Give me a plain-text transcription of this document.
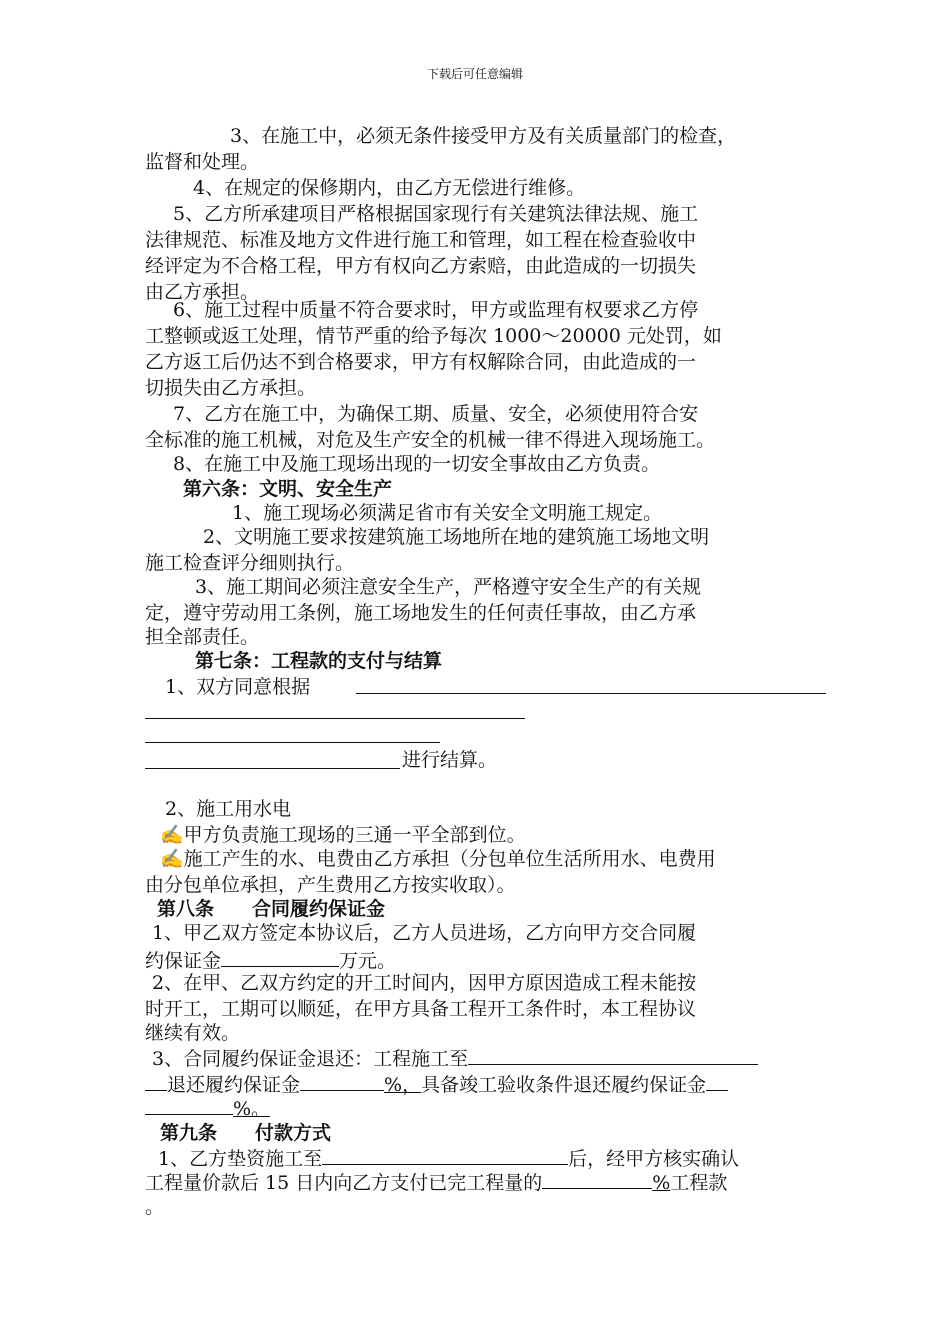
下载后可任意编辑
3、在施工中，必须无条件接受甲方及有关质量部门的检查，
监督和处理。
4、在规定的保修期内，由乙方无偿进行维修。
5、乙方所承建项目严格根据国家现行有关建筑法律法规、施工
法律规范、标准及地方文件进行施工和管理，如工程在检查验收中
经评定为不合格工程，甲方有权向乙方索赔，由此造成的一切损失
由乙方承担。
6、施工过程中质量不符合要求时，甲方或监理有权要求乙方停
工整顿或返工处理，情节严重的给予每次 1000～20000 元处罚，如
乙方返工后仍达不到合格要求，甲方有权解除合同，由此造成的一
切损失由乙方承担。
7、乙方在施工中，为确保工期、质量、安全，必须使用符合安
全标准的施工机械，对危及生产安全的机械一律不得进入现场施工。
8、在施工中及施工现场出现的一切安全事故由乙方负责。
第六条：文明、安全生产
1、施工现场必须满足省市有关安全文明施工规定。
2、文明施工要求按建筑施工场地所在地的建筑施工场地文明
施工检查评分细则执行。
3、施工期间必须注意安全生产，严格遵守安全生产的有关规
定，遵守劳动用工条例，施工场地发生的任何责任事故，由乙方承
担全部责任。
第七条：工程款的支付与结算
1、双方同意根据
进行结算。
2、施工用水电
✍甲方负责施工现场的三通一平全部到位。
✍施工产生的水、电费由乙方承担（分包单位生活所用水、电费用
由分包单位承担，产生费用乙方按实收取）。
第八条　　合同履约保证金
1、甲乙双方签定本协议后，乙方人员进场，乙方向甲方交合同履
约保证金	万元。
2、在甲、乙双方约定的开工时间内，因甲方原因造成工程未能按
时开工，工期可以顺延，在甲方具备工程开工条件时，本工程协议
继续有效。
3、合同履约保证金退还：工程施工至
退还履约保证金	%，具备竣工验收条件退还履约保证金
%。
第九条　　付款方式
1、乙方垫资施工至	后，经甲方核实确认
工程量价款后 15 日内向乙方支付已完工程量的	%工程款
。
